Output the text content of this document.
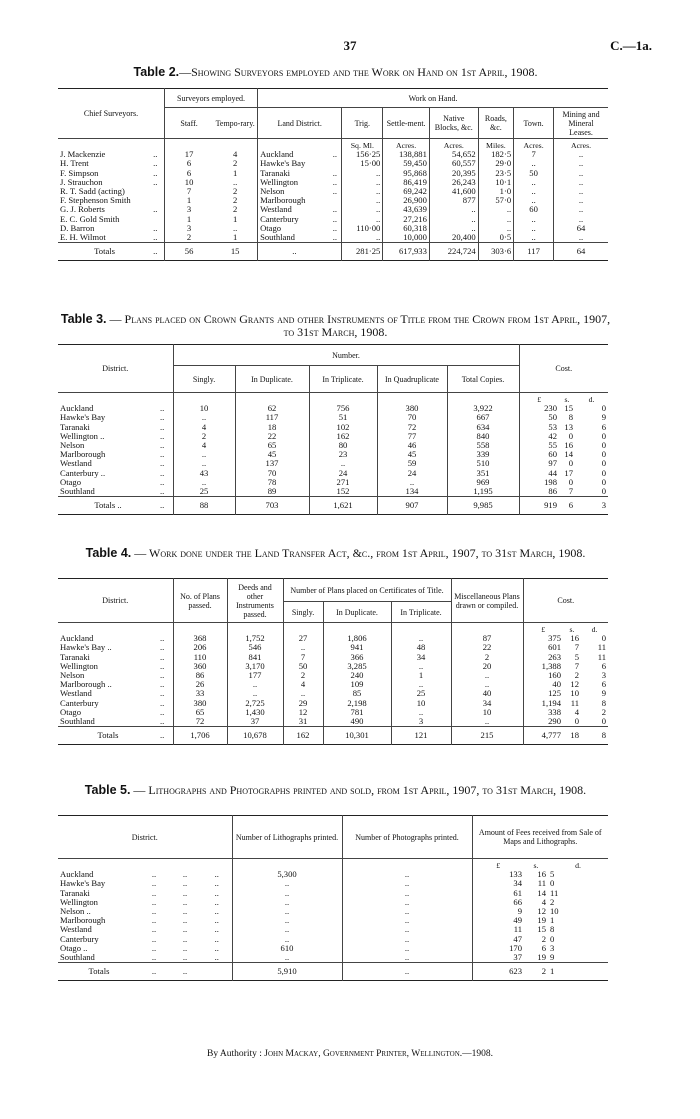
37	C.—1a.
Table 2.—Showing Surveyors employed and the Work on Hand on 1st April, 1908.
Chief Surveyors.		Surveyors employed.		Work on Hand.							
		Staff.	Tempo-rary.	Land District.		Trig.	Settle-ment.	Native Blocks, &c.	Roads, &c.	Town.	Mining and Mineral Leases.
						Sq. Ml.	Acres.	Acres.	Miles.	Acres.	Acres.
J. Mackenzie	..	17	4	Auckland	..	156·25	138,881	54,652	182·5	7	..
H. Trent	..	6	2	Hawke's Bay		15·00	59,450	60,557	29·0	..	..
F. Simpson	..	6	1	Taranaki	..	..	95,868	20,395	23·5	50	..
J. Strauchon	..	10	..	Wellington	..	..	86,419	26,243	10·1	..	..
R. T. Sadd (acting)		7	2	Nelson	..	..	69,242	41,600	1·0	..	..
F. Stephenson Smith		1	2	Marlborough		..	26,900	877	57·0	..	..
G. J. Roberts	..	3	2	Westland	..	..	43,639	..	..	60	..
E. C. Gold Smith		1	1	Canterbury	..	..	27,216	..	..	..	..
D. Barron	..	3	..	Otago	..	110·00	60,318	..	..	..	64
E. H. Wilmot	..	2	1	Southland	..	..	10,000	20,400	0·5	..	..
Totals	..	56	15	..		281·25	617,933	224,724	303·6	117	64
Table 3. — Plans placed on Crown Grants and other Instruments of Title from the Crown from 1st April, 1907, to 31st March, 1908.
District.		Number.					Cost.		
		Singly.	In Duplicate.	In Triplicate.	In Quadruplicate	Total Copies.			
							£	s.	d.
Auckland	..	10	62	756	380	3,922	230	15	0
Hawke's Bay	..	..	117	51	70	667	50	8	9
Taranaki	..	4	18	102	72	634	53	13	6
Wellington ..	..	2	22	162	77	840	42	0	0
Nelson	..	4	65	80	46	558	55	16	0
Marlborough	..	..	45	23	45	339	60	14	0
Westland	..	..	137	..	59	510	97	0	0
Canterbury ..	..	43	70	24	24	351	44	17	0
Otago	..	..	78	271	..	969	198	0	0
Southland	..	25	89	152	134	1,195	86	7	0
Totals ..	..	88	703	1,621	907	9,985	919	6	3
Table 4. — Work done under the Land Transfer Act, &c., from 1st April, 1907, to 31st March, 1908.
District.		No. of Plans passed.	Deeds and other Instruments passed.	Number of Plans placed on Certificates of Title.			Miscellaneous Plans drawn or compiled.	Cost.		
				Singly.	In Duplicate.	In Triplicate.				
								£	s.	d.
Auckland	..	368	1,752	27	1,806	..	87	375	16	0
Hawke's Bay ..	..	206	546	..	941	48	22	601	7	11
Taranaki	..	110	841	7	366	34	2	263	5	11
Wellington	..	360	3,170	50	3,285	..	20	1,388	7	6
Nelson	..	86	177	2	240	1	..	160	2	3
Marlborough ..	..	26	..	4	109	..	..	40	12	6
Westland	..	33	..	..	85	25	40	125	10	9
Canterbury	..	380	2,725	29	2,198	10	34	1,194	11	8
Otago	..	65	1,430	12	781	..	10	338	4	2
Southland	..	72	37	31	490	3	..	290	0	0
Totals	..	1,706	10,678	162	10,301	121	215	4,777	18	8
Table 5. — Lithographs and Photographs printed and sold, from 1st April, 1907, to 31st March, 1908.
District.				Number of Lithographs printed.	Number of Photographs printed.	Amount of Fees received from Sale of Maps and Lithographs.		
						£	s.	d.
Auckland	..	..	..	5,300	..	133	16	5
Hawke's Bay	..	..	..	..	..	34	11	0
Taranaki	..	..	..	..	..	61	14	11
Wellington	..	..	..	..	..	66	4	2
Nelson ..	..	..	..	..	..	9	12	10
Marlborough	..	..	..	..	..	49	19	1
Westland	..	..	..	..	..	11	15	8
Canterbury	..	..	..	..	..	47	2	0
Otago ..	..	..	..	610	..	170	6	3
Southland	..	..	..	..	..	37	19	9
Totals	..	..		5,910	..	623	2	1
By Authority : John Mackay, Government Printer, Wellington.—1908.
